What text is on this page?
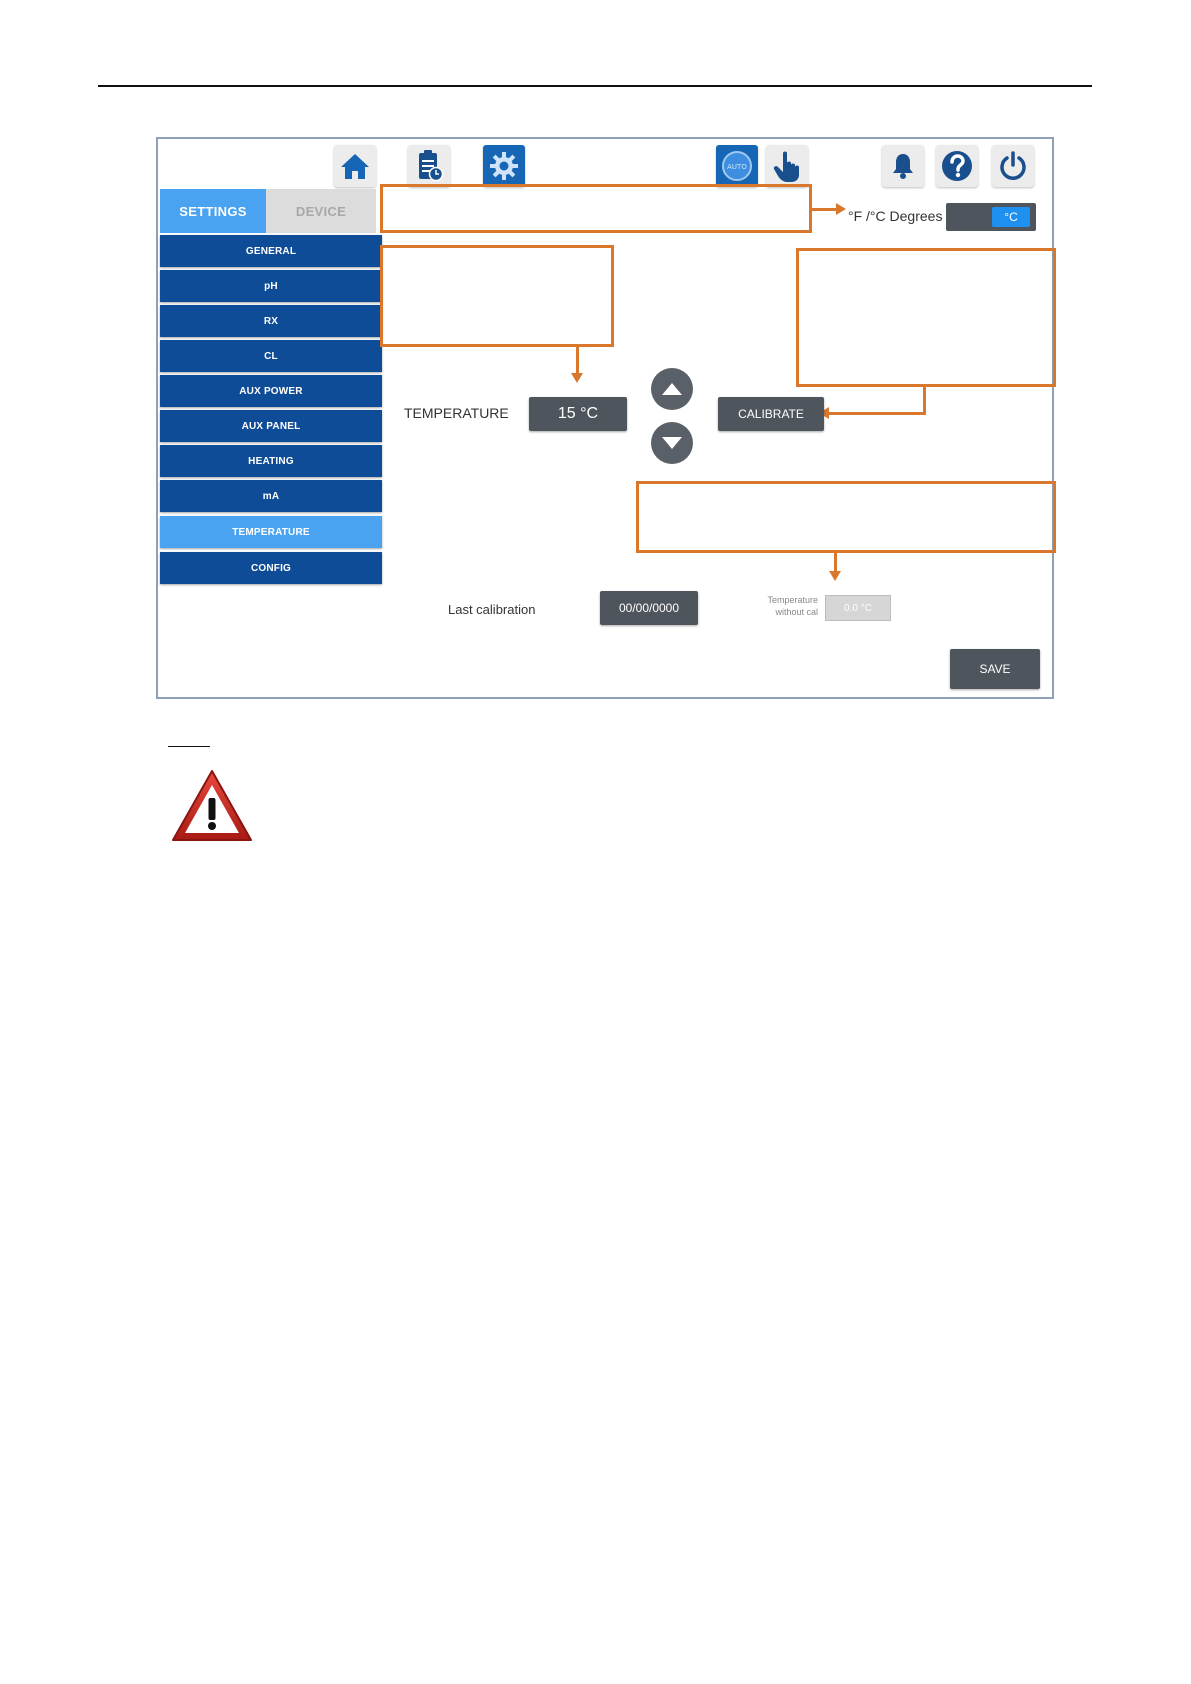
AUTO
SETTINGS	DEVICE
GENERAL
pH
RX
CL
AUX POWER
AUX PANEL
HEATING
mA
TEMPERATURE
CONFIG
°F /°C Degrees	°C
TEMPERATURE	15 °C	CALIBRATE
Last calibration	00/00/0000
Temperature
without cal	0.0 °C
SAVE
